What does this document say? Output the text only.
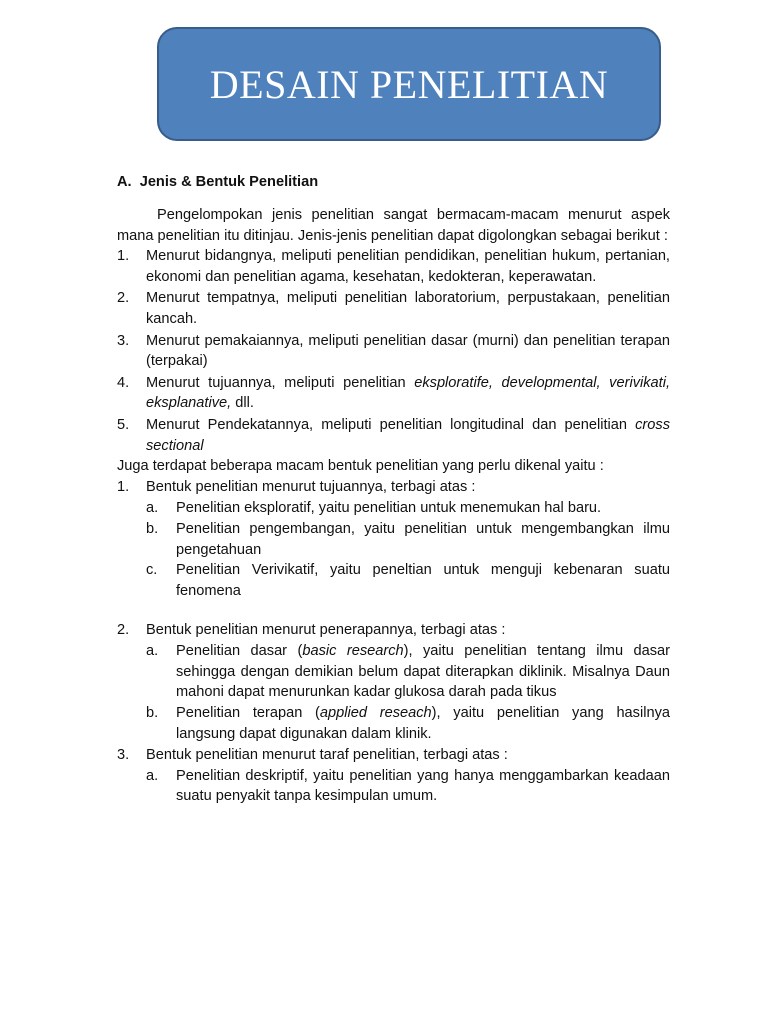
DESAIN PENELITIAN

A. Jenis & Bentuk Penelitian

Pengelompokan jenis penelitian sangat bermacam-macam menurut aspek mana penelitian itu ditinjau. Jenis-jenis penelitian dapat digolongkan sebagai berikut :

1.	Menurut bidangnya, meliputi penelitian pendidikan, penelitian hukum, pertanian, ekonomi dan penelitian agama, kesehatan, kedokteran, keperawatan.
2.	Menurut tempatnya, meliputi penelitian laboratorium, perpustakaan, penelitian kancah.
3.	Menurut pemakaiannya, meliputi penelitian dasar (murni) dan penelitian terapan (terpakai)
4.	Menurut tujuannya, meliputi penelitian eksploratife, developmental, verivikati, eksplanative, dll.
5.	Menurut Pendekatannya, meliputi penelitian longitudinal dan penelitian cross sectional

Juga terdapat beberapa macam bentuk penelitian yang perlu dikenal yaitu :

1.	Bentuk penelitian menurut tujuannya, terbagi atas :
a.	Penelitian eksploratif, yaitu penelitian untuk menemukan hal baru.
b.	Penelitian pengembangan, yaitu penelitian untuk mengembangkan ilmu pengetahuan
c.	Penelitian Verivikatif, yaitu peneltian untuk menguji kebenaran suatu fenomena
2.	Bentuk penelitian menurut penerapannya, terbagi atas :
a.	Penelitian dasar (basic research), yaitu penelitian tentang ilmu dasar sehingga dengan demikian belum dapat diterapkan diklinik. Misalnya Daun mahoni dapat menurunkan kadar glukosa darah pada tikus
b.	Penelitian terapan (applied reseach), yaitu penelitian yang hasilnya langsung dapat digunakan dalam klinik.
3.	Bentuk penelitian menurut taraf penelitian, terbagi atas :
a.	Penelitian deskriptif, yaitu penelitian yang hanya menggambarkan keadaan suatu penyakit tanpa kesimpulan umum.
